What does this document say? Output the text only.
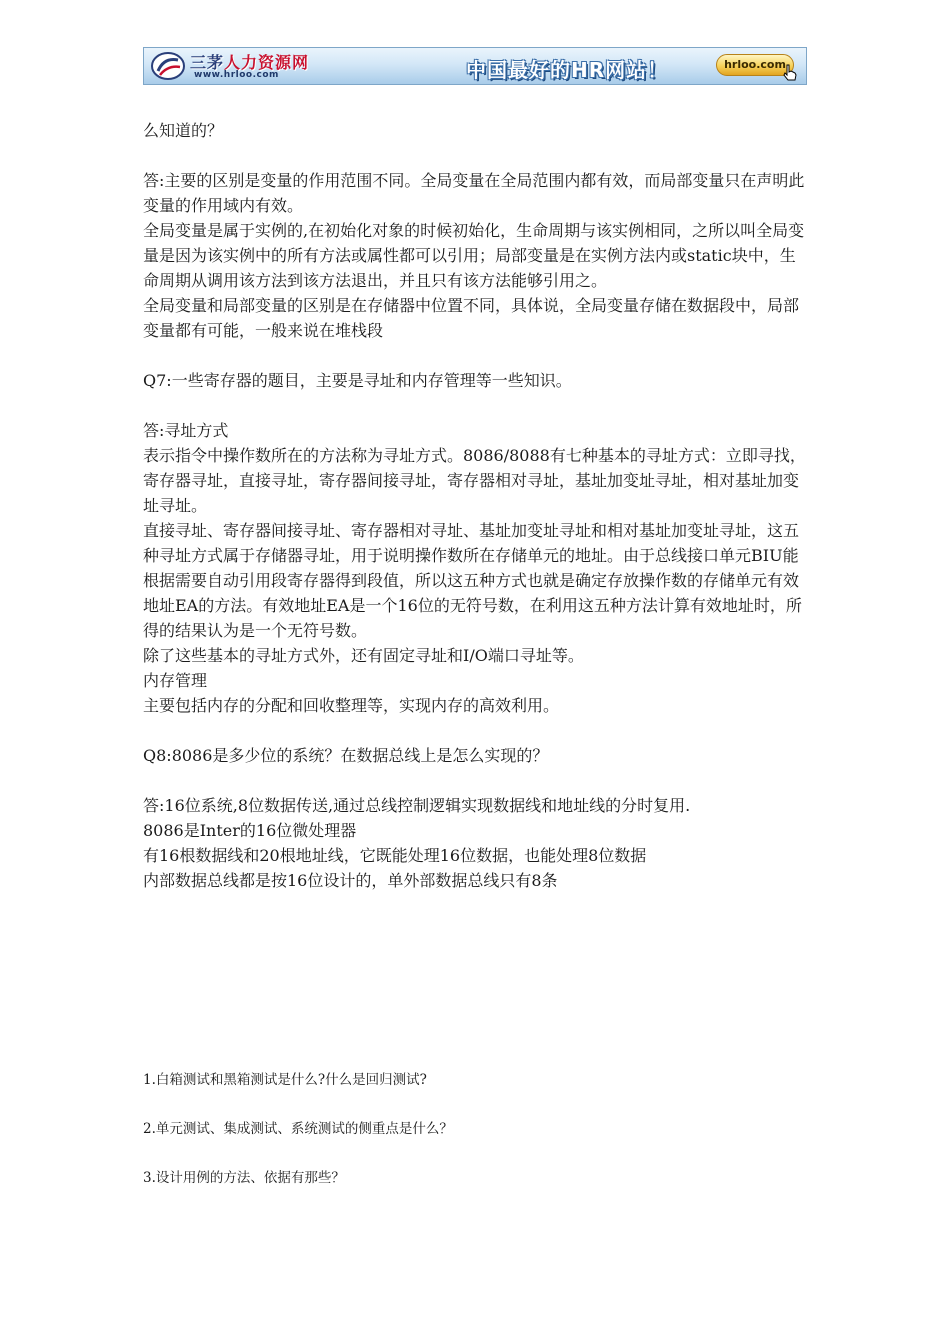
三茅人力资源网
www.hrloo.com	中国最好的HR网站！	hrloo.com

么知道的？

答:主要的区别是变量的作用范围不同。全局变量在全局范围内都有效，而局部变量只在声明此变量的作用域内有效。

全局变量是属于实例的,在初始化对象的时候初始化，生命周期与该实例相同，之所以叫全局变量是因为该实例中的所有方法或属性都可以引用；局部变量是在实例方法内或static块中，生命周期从调用该方法到该方法退出，并且只有该方法能够引用之。

全局变量和局部变量的区别是在存储器中位置不同，具体说，全局变量存储在数据段中，局部变量都有可能，一般来说在堆栈段

Q7:一些寄存器的题目，主要是寻址和内存管理等一些知识。

答:寻址方式

表示指令中操作数所在的方法称为寻址方式。8086/8088有七种基本的寻址方式：立即寻找，寄存器寻址，直接寻址，寄存器间接寻址，寄存器相对寻址，基址加变址寻址，相对基址加变址寻址。

直接寻址、寄存器间接寻址、寄存器相对寻址、基址加变址寻址和相对基址加变址寻址，这五种寻址方式属于存储器寻址，用于说明操作数所在存储单元的地址。由于总线接口单元BIU能根据需要自动引用段寄存器得到段值，所以这五种方式也就是确定存放操作数的存储单元有效地址EA的方法。有效地址EA是一个16位的无符号数，在利用这五种方法计算有效地址时，所得的结果认为是一个无符号数。

除了这些基本的寻址方式外，还有固定寻址和I/O端口寻址等。

内存管理

主要包括内存的分配和回收整理等，实现内存的高效利用。

Q8:8086是多少位的系统？在数据总线上是怎么实现的？

答:16位系统,8位数据传送,通过总线控制逻辑实现数据线和地址线的分时复用.

8086是Inter的16位微处理器

有16根数据线和20根地址线，它既能处理16位数据，也能处理8位数据

内部数据总线都是按16位设计的，单外部数据总线只有8条

1.白箱测试和黑箱测试是什么?什么是回归测试?

2.单元测试、集成测试、系统测试的侧重点是什么？

3.设计用例的方法、依据有那些？
